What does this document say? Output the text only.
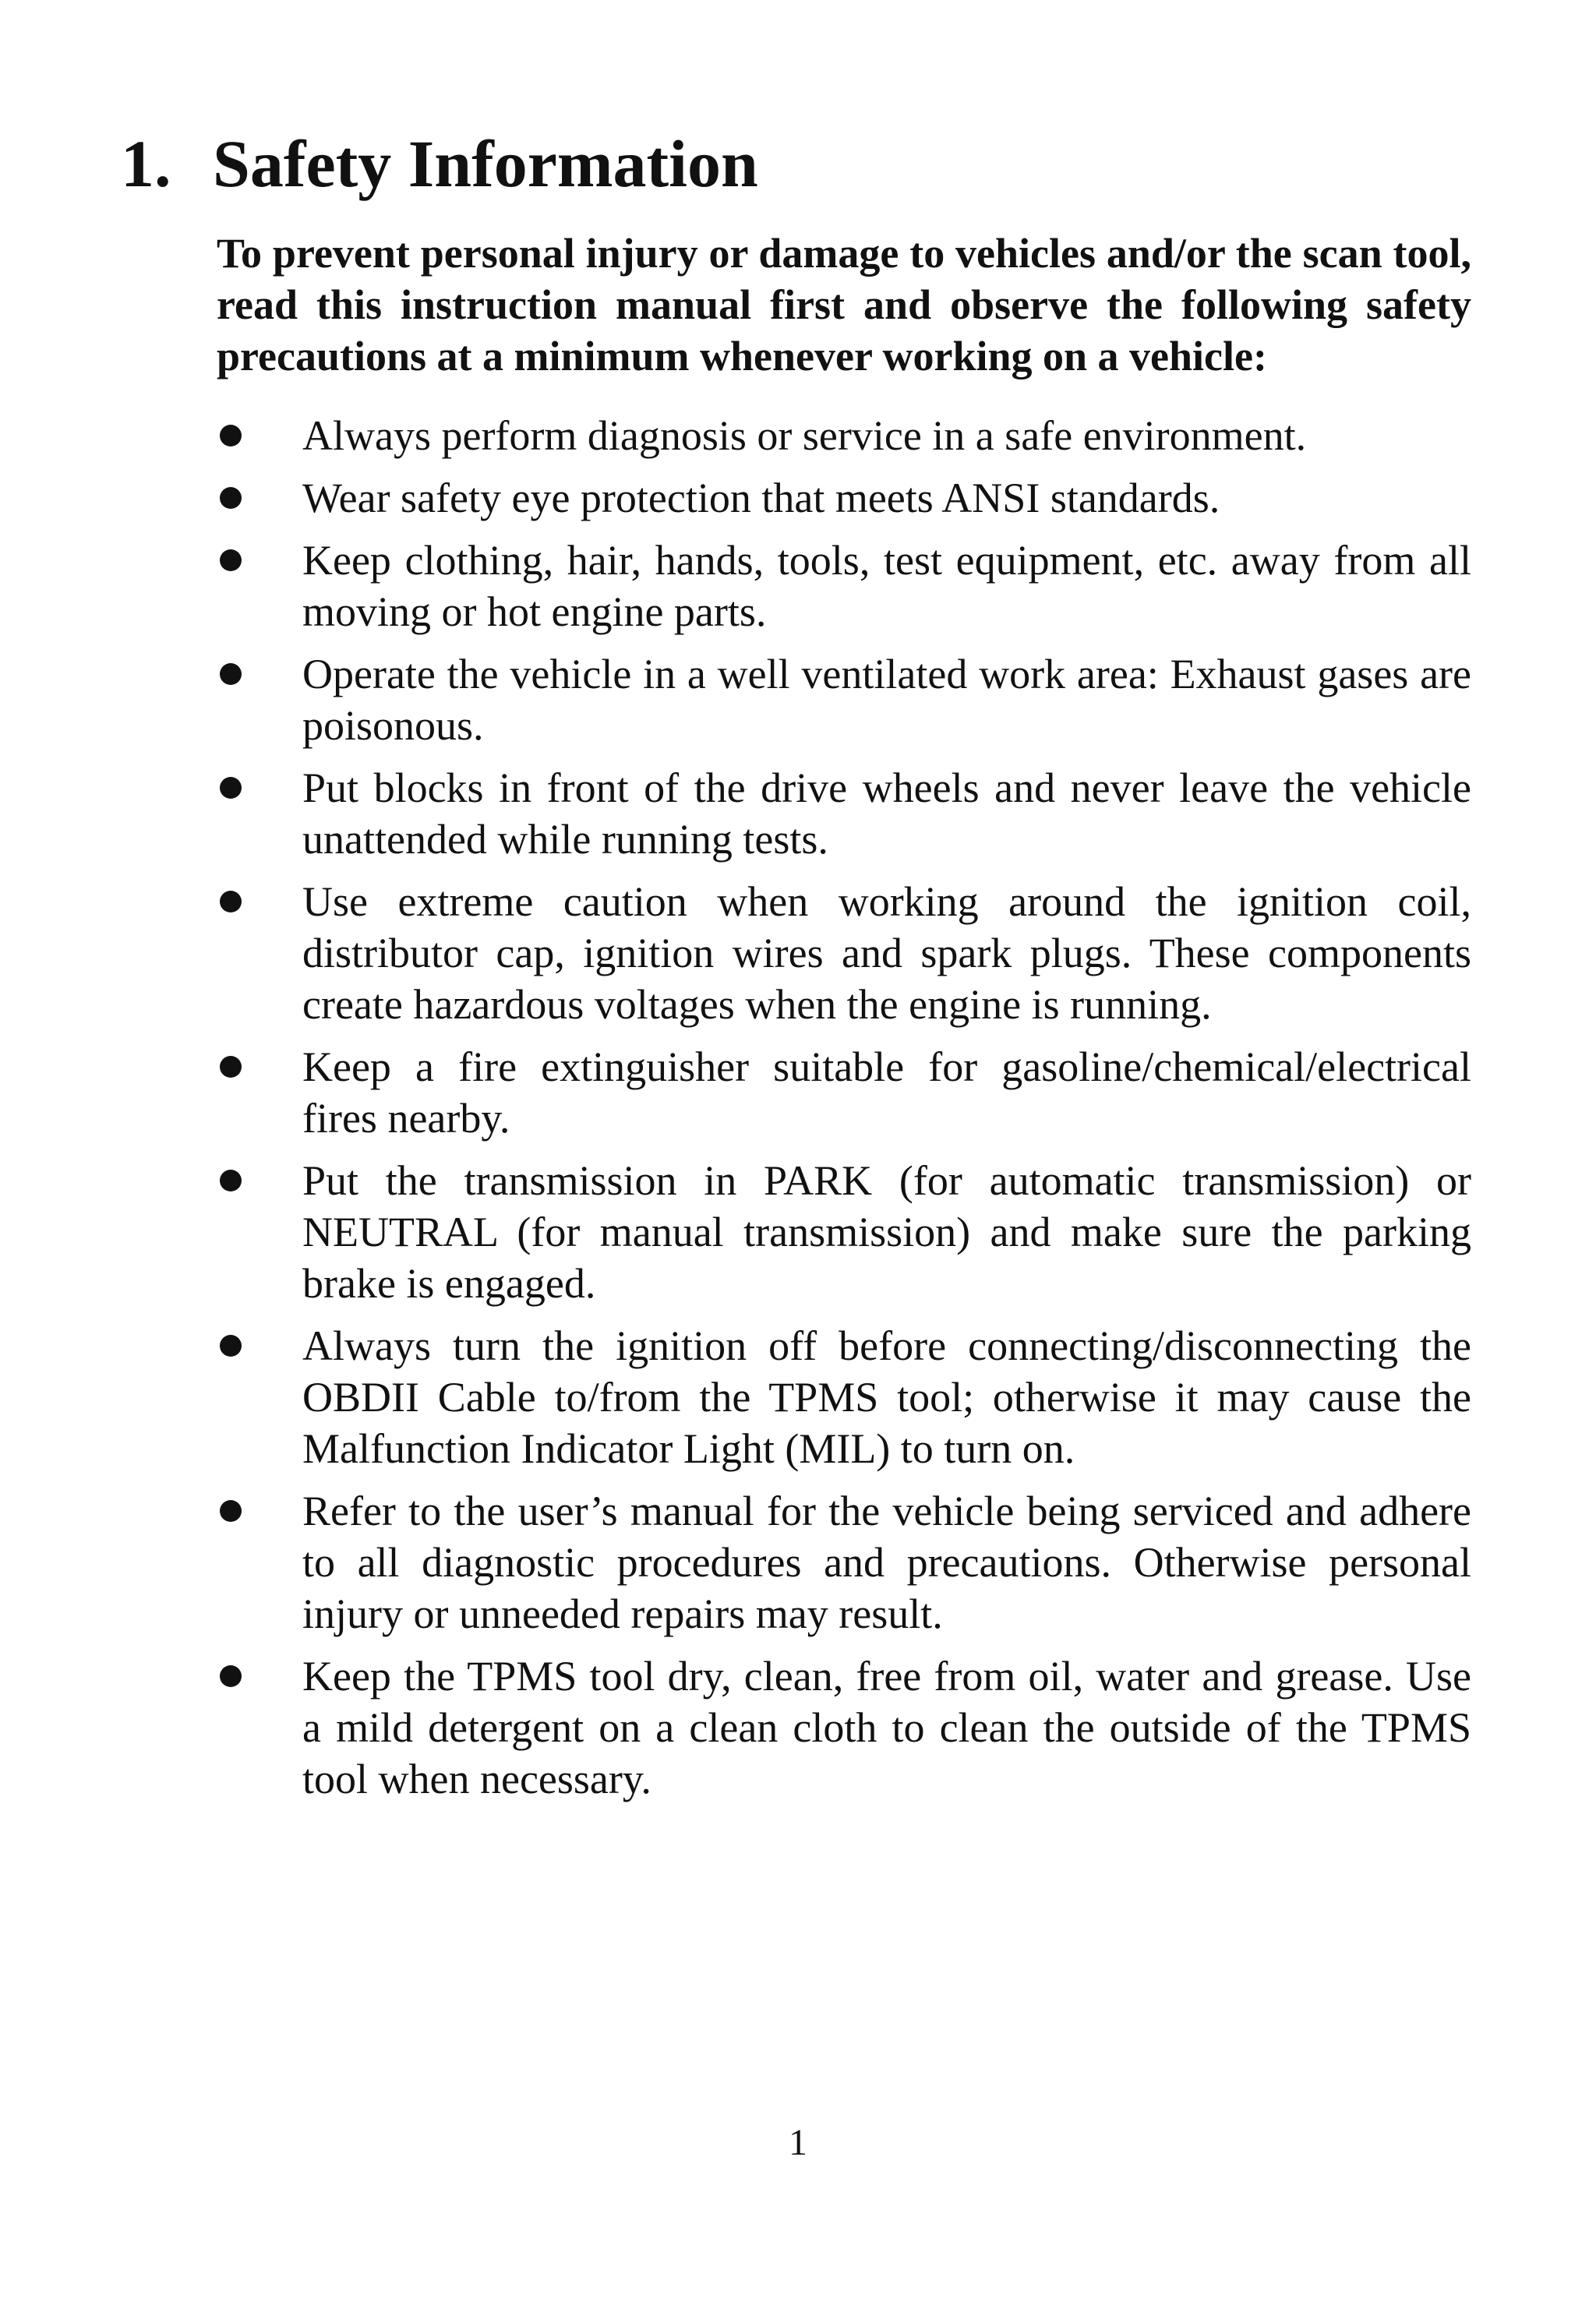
1. Safety Information

To prevent personal injury or damage to vehicles and/or the scan tool, read this instruction manual first and observe the following safety precautions at a minimum whenever working on a vehicle:

Always perform diagnosis or service in a safe environment.
Wear safety eye protection that meets ANSI standards.
Keep clothing, hair, hands, tools, test equipment, etc. away from all moving or hot engine parts.
Operate the vehicle in a well ventilated work area: Exhaust gases are poisonous.
Put blocks in front of the drive wheels and never leave the vehicle unattended while running tests.
Use extreme caution when working around the ignition coil, distributor cap, ignition wires and spark plugs. These components create hazardous voltages when the engine is running.
Keep a fire extinguisher suitable for gasoline/chemical/electrical fires nearby.
Put the transmission in PARK (for automatic transmission) or NEUTRAL (for manual transmission) and make sure the parking brake is engaged.
Always turn the ignition off before connecting/disconnecting the OBDII Cable to/from the TPMS tool; otherwise it may cause the Malfunction Indicator Light (MIL) to turn on.
Refer to the user’s manual for the vehicle being serviced and adhere to all diagnostic procedures and precautions. Otherwise personal injury or unneeded repairs may result.
Keep the TPMS tool dry, clean, free from oil, water and grease. Use a mild detergent on a clean cloth to clean the outside of the TPMS tool when necessary.
1
